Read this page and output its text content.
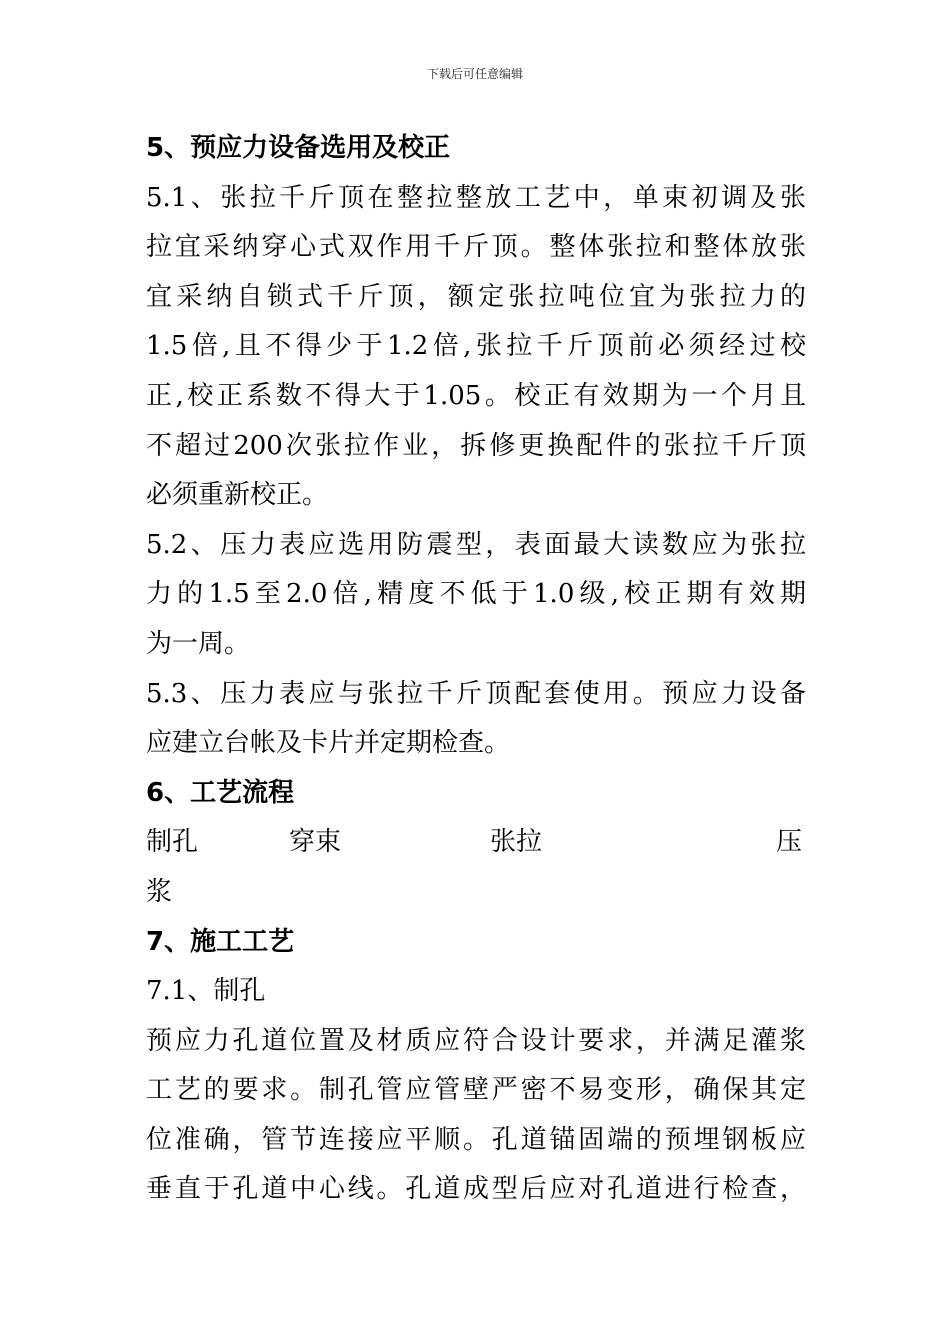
下载后可任意编辑
5、预应力设备选用及校正
5.1、张拉千斤顶在整拉整放工艺中，单束初调及张
拉宜采纳穿心式双作用千斤顶。整体张拉和整体放张
宜采纳自锁式千斤顶，额定张拉吨位宜为张拉力的
1.5倍,且不得少于1.2倍,张拉千斤顶前必须经过校
正,校正系数不得大于1.05。校正有效期为一个月且
不超过200次张拉作业，拆修更换配件的张拉千斤顶
必须重新校正。
5.2、压力表应选用防震型，表面最大读数应为张拉
力的1.5至2.0倍,精度不低于1.0级,校正期有效期
为一周。
5.3、压力表应与张拉千斤顶配套使用。预应力设备
应建立台帐及卡片并定期检查。
6、工艺流程
制孔	穿束	张拉	压
浆
7、施工工艺
7.1、制孔
预应力孔道位置及材质应符合设计要求，并满足灌浆
工艺的要求。制孔管应管壁严密不易变形，确保其定
位准确，管节连接应平顺。孔道锚固端的预埋钢板应
垂直于孔道中心线。孔道成型后应对孔道进行检查，
